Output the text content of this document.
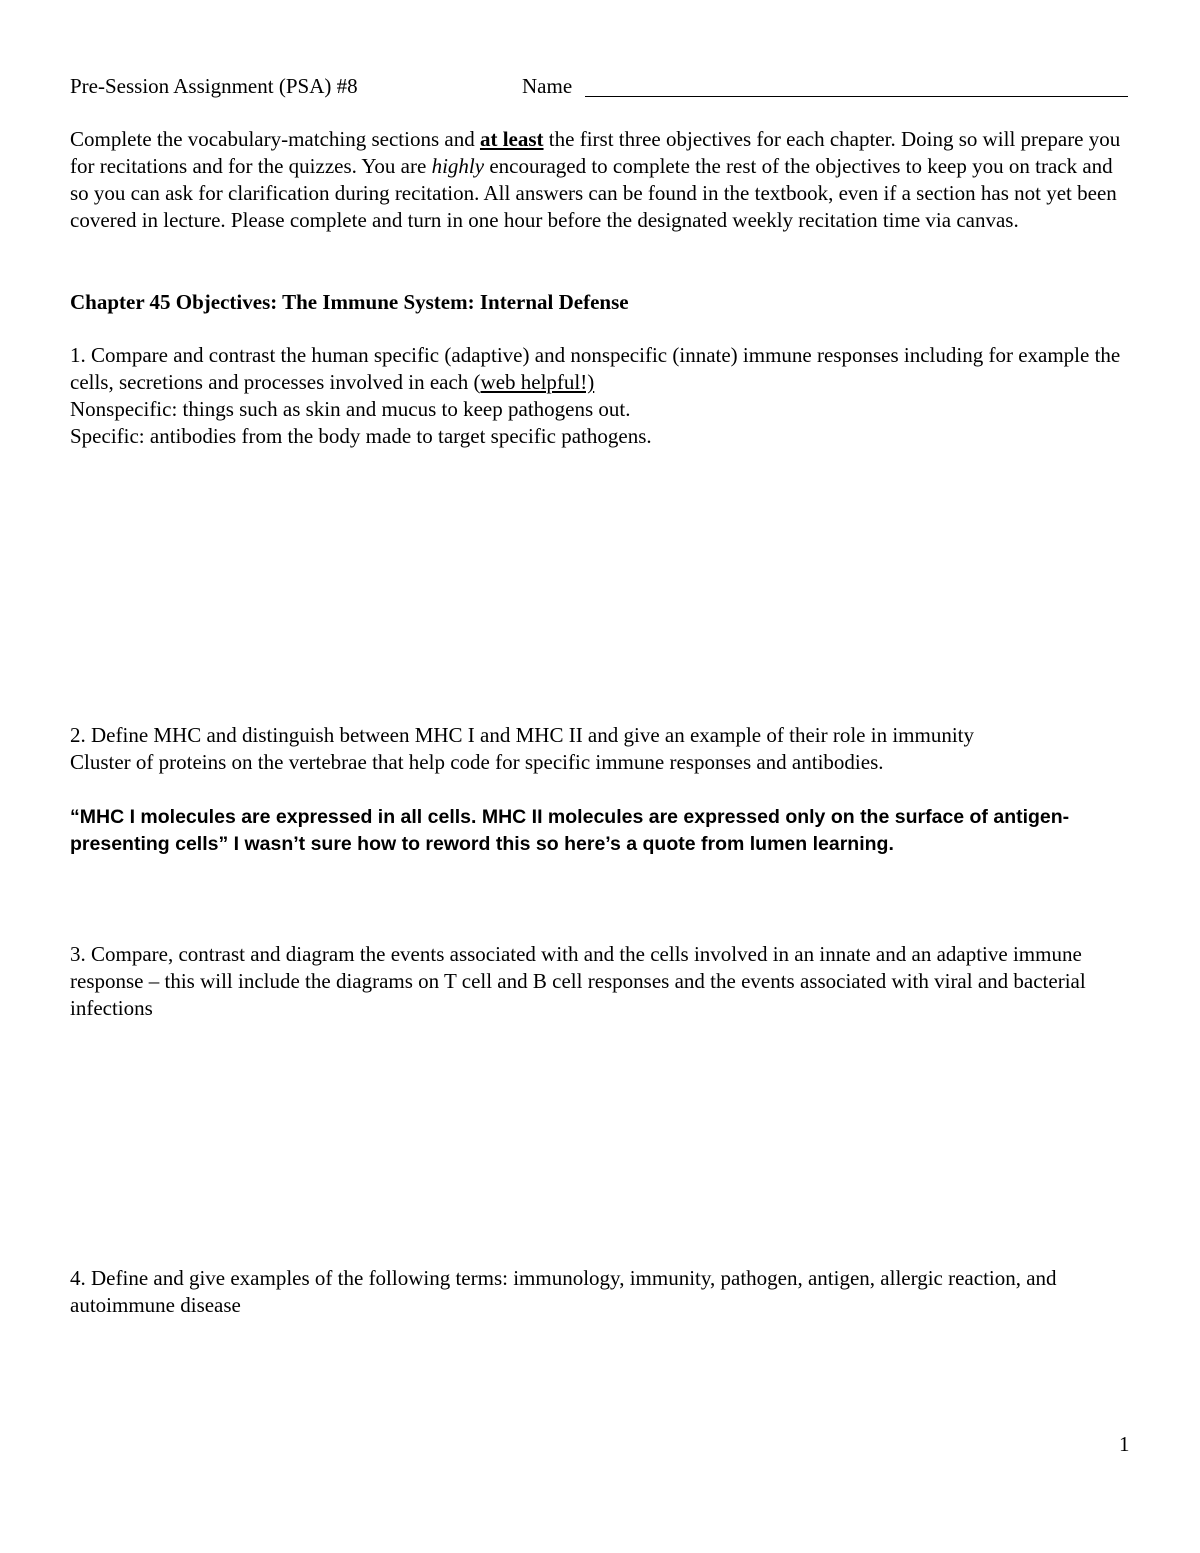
Pre-Session Assignment (PSA) #8	Name

Complete the vocabulary-matching sections and at least the first three objectives for each chapter. Doing so will prepare you for recitations and for the quizzes. You are highly encouraged to complete the rest of the objectives to keep you on track and so you can ask for clarification during recitation. All answers can be found in the textbook, even if a section has not yet been covered in lecture. Please complete and turn in one hour before the designated weekly recitation time via canvas.

Chapter 45 Objectives: The Immune System: Internal Defense

1. Compare and contrast the human specific (adaptive) and nonspecific (innate) immune responses including for example the cells, secretions and processes involved in each (web helpful!)

Nonspecific: things such as skin and mucus to keep pathogens out.

Specific: antibodies from the body made to target specific pathogens.

2. Define MHC and distinguish between MHC I and MHC II and give an example of their role in immunity

Cluster of proteins on the vertebrae that help code for specific immune responses and antibodies.

“MHC I molecules are expressed in all cells. MHC II molecules are expressed only on the surface of antigen-presenting cells” I wasn’t sure how to reword this so here’s a quote from lumen learning.

3. Compare, contrast and diagram the events associated with and the cells involved in an innate and an adaptive immune response – this will include the diagrams on T cell and B cell responses and the events associated with viral and bacterial infections

4. Define and give examples of the following terms: immunology, immunity, pathogen, antigen, allergic reaction, and autoimmune disease

1
